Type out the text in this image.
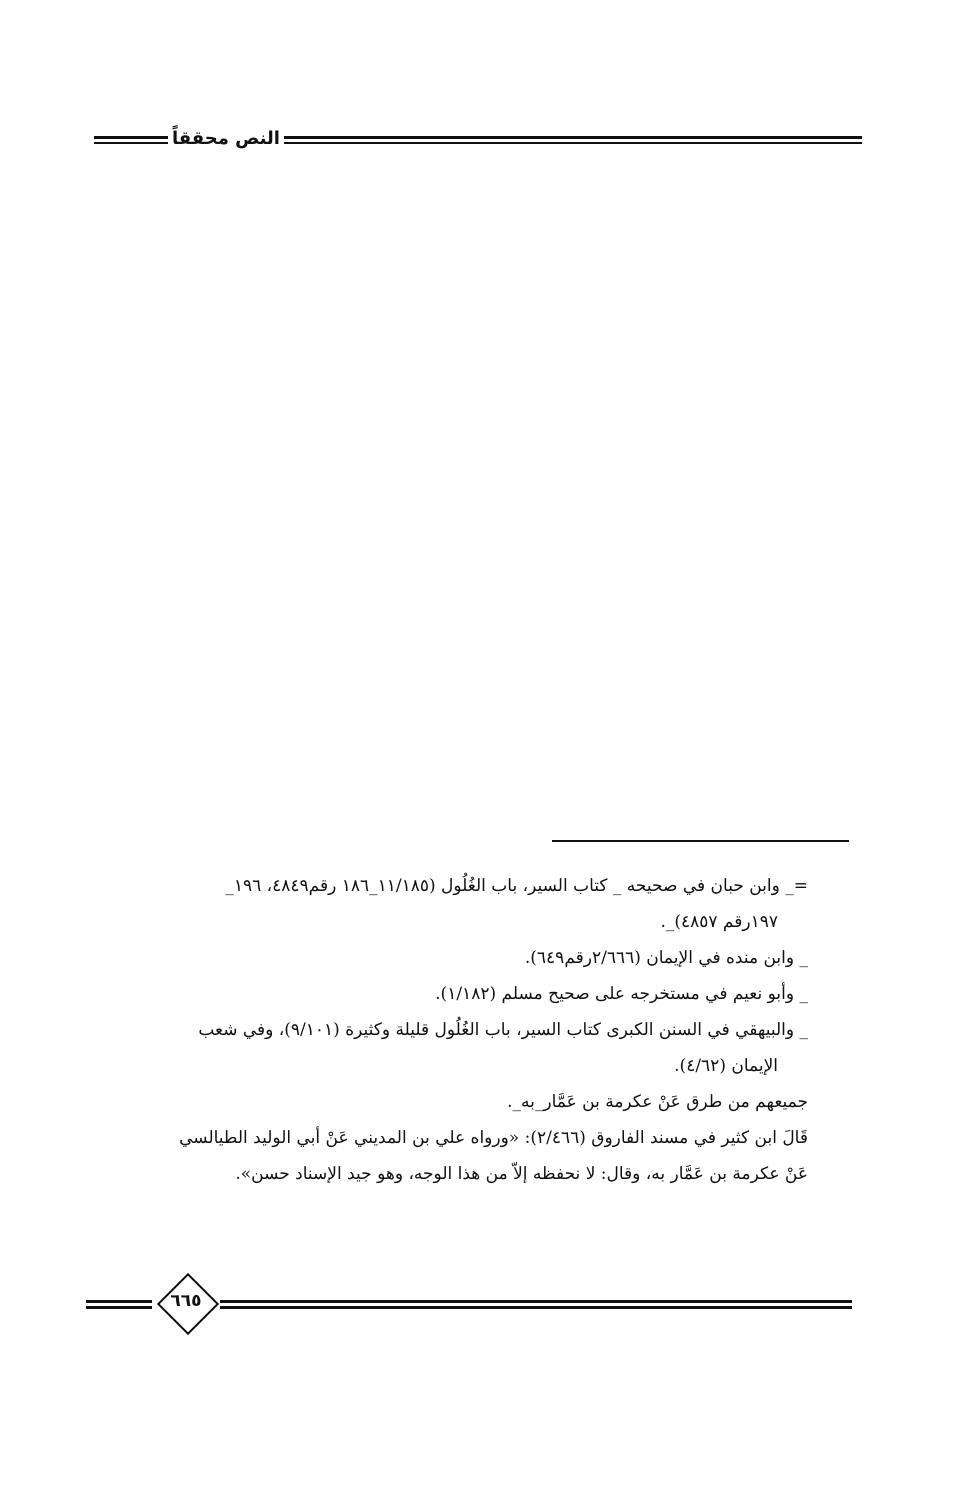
النص محققاً

=_ وابن حبان في صحيحه _ كتاب السير، باب الغُلُول (١١/١٨٥_١٨٦ رقم٤٨٤٩، ١٩٦_

١٩٧رقم ٤٨٥٧)_.

_ وابن منده في الإيمان (٢/٦٦٦رقم٦٤٩).

_ وأبو نعيم في مستخرجه على صحيح مسلم (١/١٨٢).

_ والبيهقي في السنن الكبرى كتاب السير، باب الغُلُول قليلة وكثيرة (٩/١٠١)، وفي شعب

الإيمان (٤/٦٢).

جميعهم من طرق عَنْ عكرمة بن عَمَّار_به_.

قَالَ ابن كثير في مسند الفاروق (٢/٤٦٦): «ورواه علي بن المديني عَنْ أبي الوليد الطيالسي

عَنْ عكرمة بن عَمَّار به، وقال: لا نحفظه إلاّ من هذا الوجه، وهو جيد الإسناد حسن».

٦٦٥
